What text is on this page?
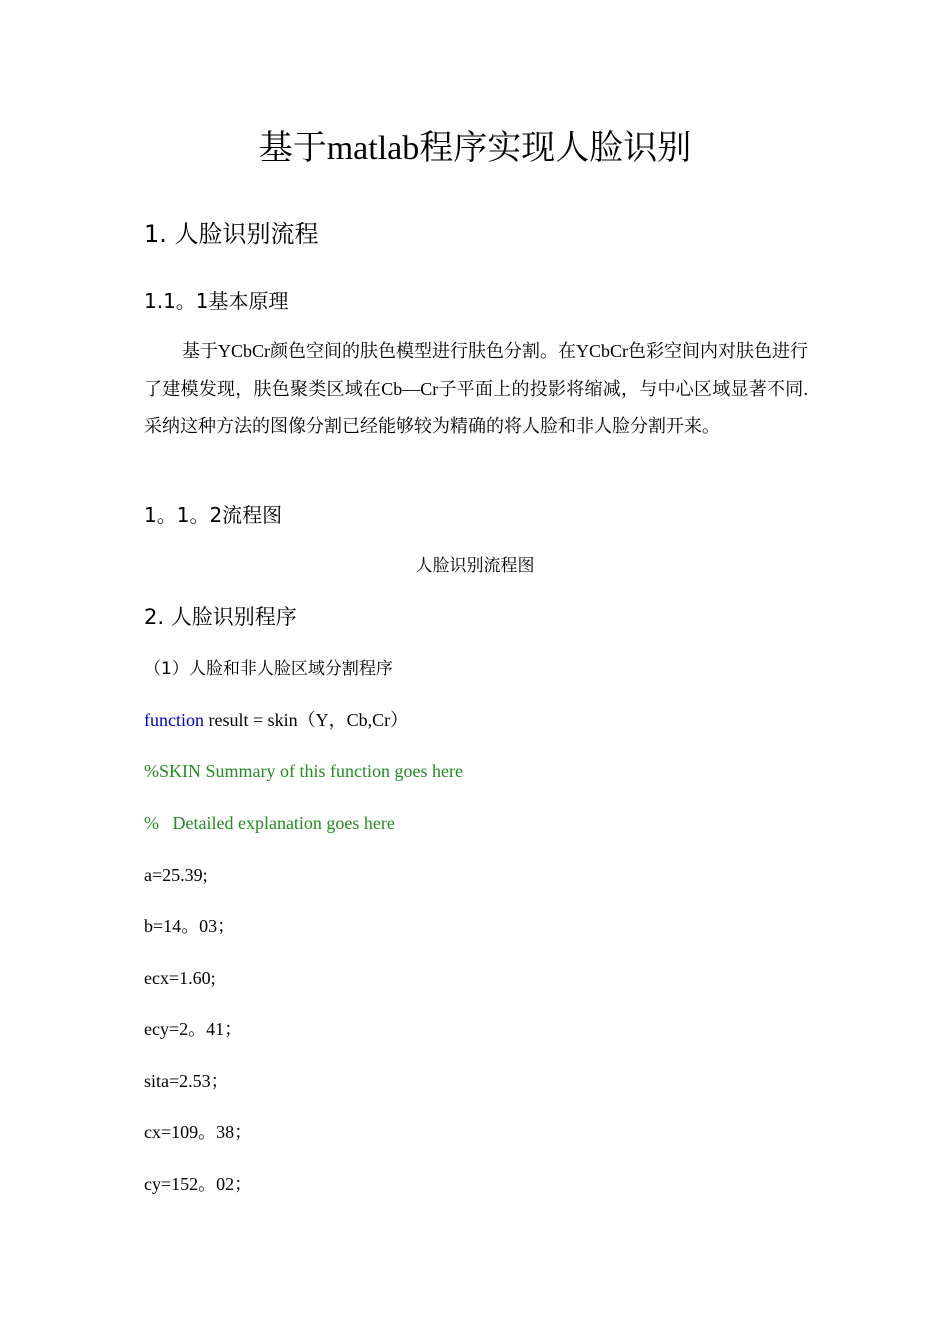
基于matlab程序实现人脸识别
1. 人脸识别流程
1.1。1基本原理
基于YCbCr颜色空间的肤色模型进行肤色分割。在YCbCr色彩空间内对肤色进行了建模发现，肤色聚类区域在Cb—Cr子平面上的投影将缩减，与中心区域显著不同.采纳这种方法的图像分割已经能够较为精确的将人脸和非人脸分割开来。
1。1。2流程图
人脸识别流程图
2. 人脸识别程序
（1）人脸和非人脸区域分割程序
function result = skin（Y，Cb,Cr）
%SKIN Summary of this function goes here
%   Detailed explanation goes here
a=25.39;
b=14。03；
ecx=1.60;
ecy=2。41；
sita=2.53；
cx=109。38；
cy=152。02；
